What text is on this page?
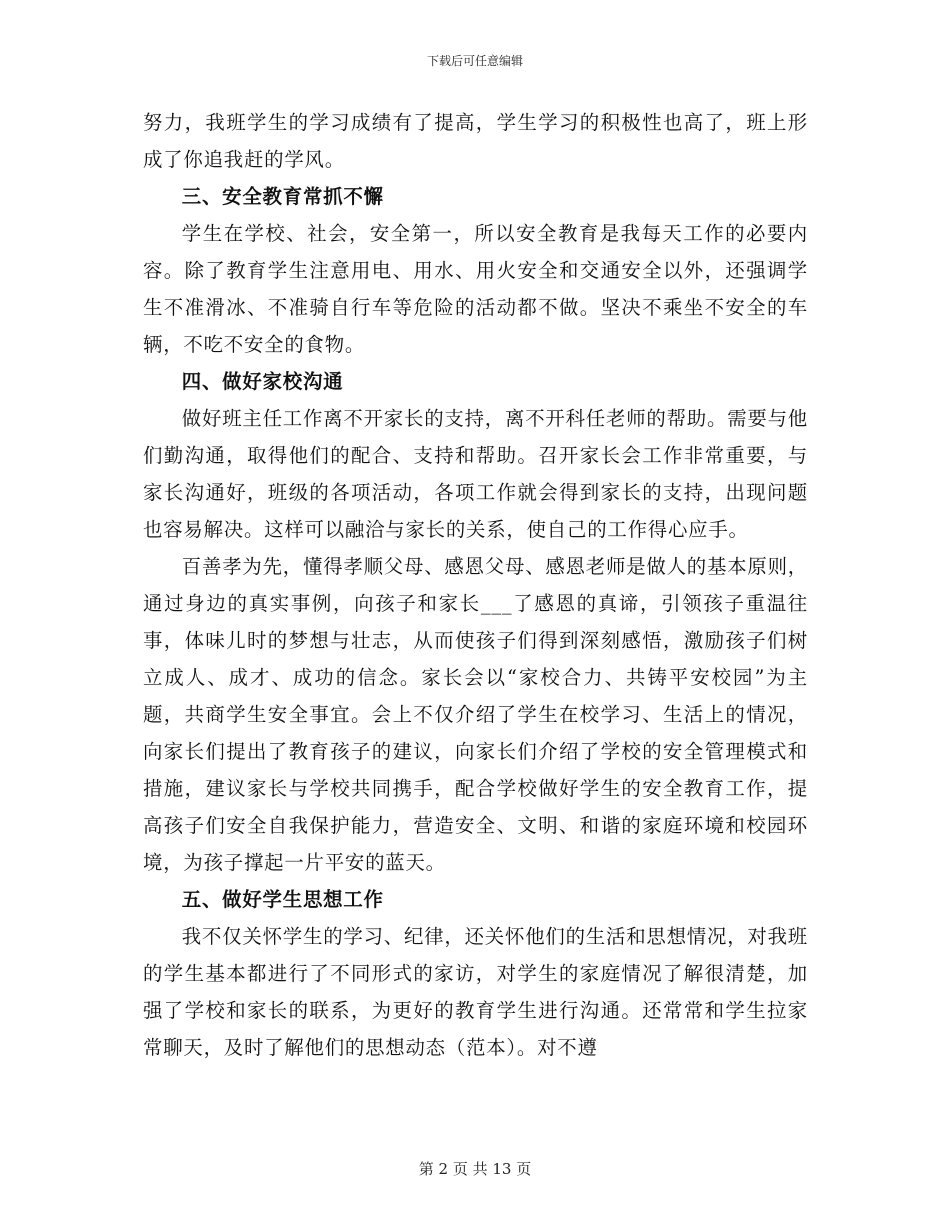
下载后可任意编辑

努力，我班学生的学习成绩有了提高，学生学习的积极性也高了，班上形成了你追我赶的学风。

三、安全教育常抓不懈

学生在学校、社会，安全第一，所以安全教育是我每天工作的必要内容。除了教育学生注意用电、用水、用火安全和交通安全以外，还强调学生不准滑冰、不准骑自行车等危险的活动都不做。坚决不乘坐不安全的车辆，不吃不安全的食物。

四、做好家校沟通

做好班主任工作离不开家长的支持，离不开科任老师的帮助。需要与他们勤沟通，取得他们的配合、支持和帮助。召开家长会工作非常重要，与家长沟通好，班级的各项活动，各项工作就会得到家长的支持，出现问题也容易解决。这样可以融洽与家长的关系，使自己的工作得心应手。

百善孝为先，懂得孝顺父母、感恩父母、感恩老师是做人的基本原则，通过身边的真实事例，向孩子和家长___了感恩的真谛，引领孩子重温往事，体味儿时的梦想与壮志，从而使孩子们得到深刻感悟，激励孩子们树立成人、成才、成功的信念。家长会以“家校合力、共铸平安校园”为主题，共商学生安全事宜。会上不仅介绍了学生在校学习、生活上的情况，向家长们提出了教育孩子的建议，向家长们介绍了学校的安全管理模式和措施，建议家长与学校共同携手，配合学校做好学生的安全教育工作，提高孩子们安全自我保护能力，营造安全、文明、和谐的家庭环境和校园环境，为孩子撑起一片平安的蓝天。

五、做好学生思想工作

我不仅关怀学生的学习、纪律，还关怀他们的生活和思想情况，对我班的学生基本都进行了不同形式的家访，对学生的家庭情况了解很清楚，加强了学校和家长的联系，为更好的教育学生进行沟通。还常常和学生拉家常聊天，及时了解他们的思想动态（范本）。对不遵

第 2 页 共 13 页
